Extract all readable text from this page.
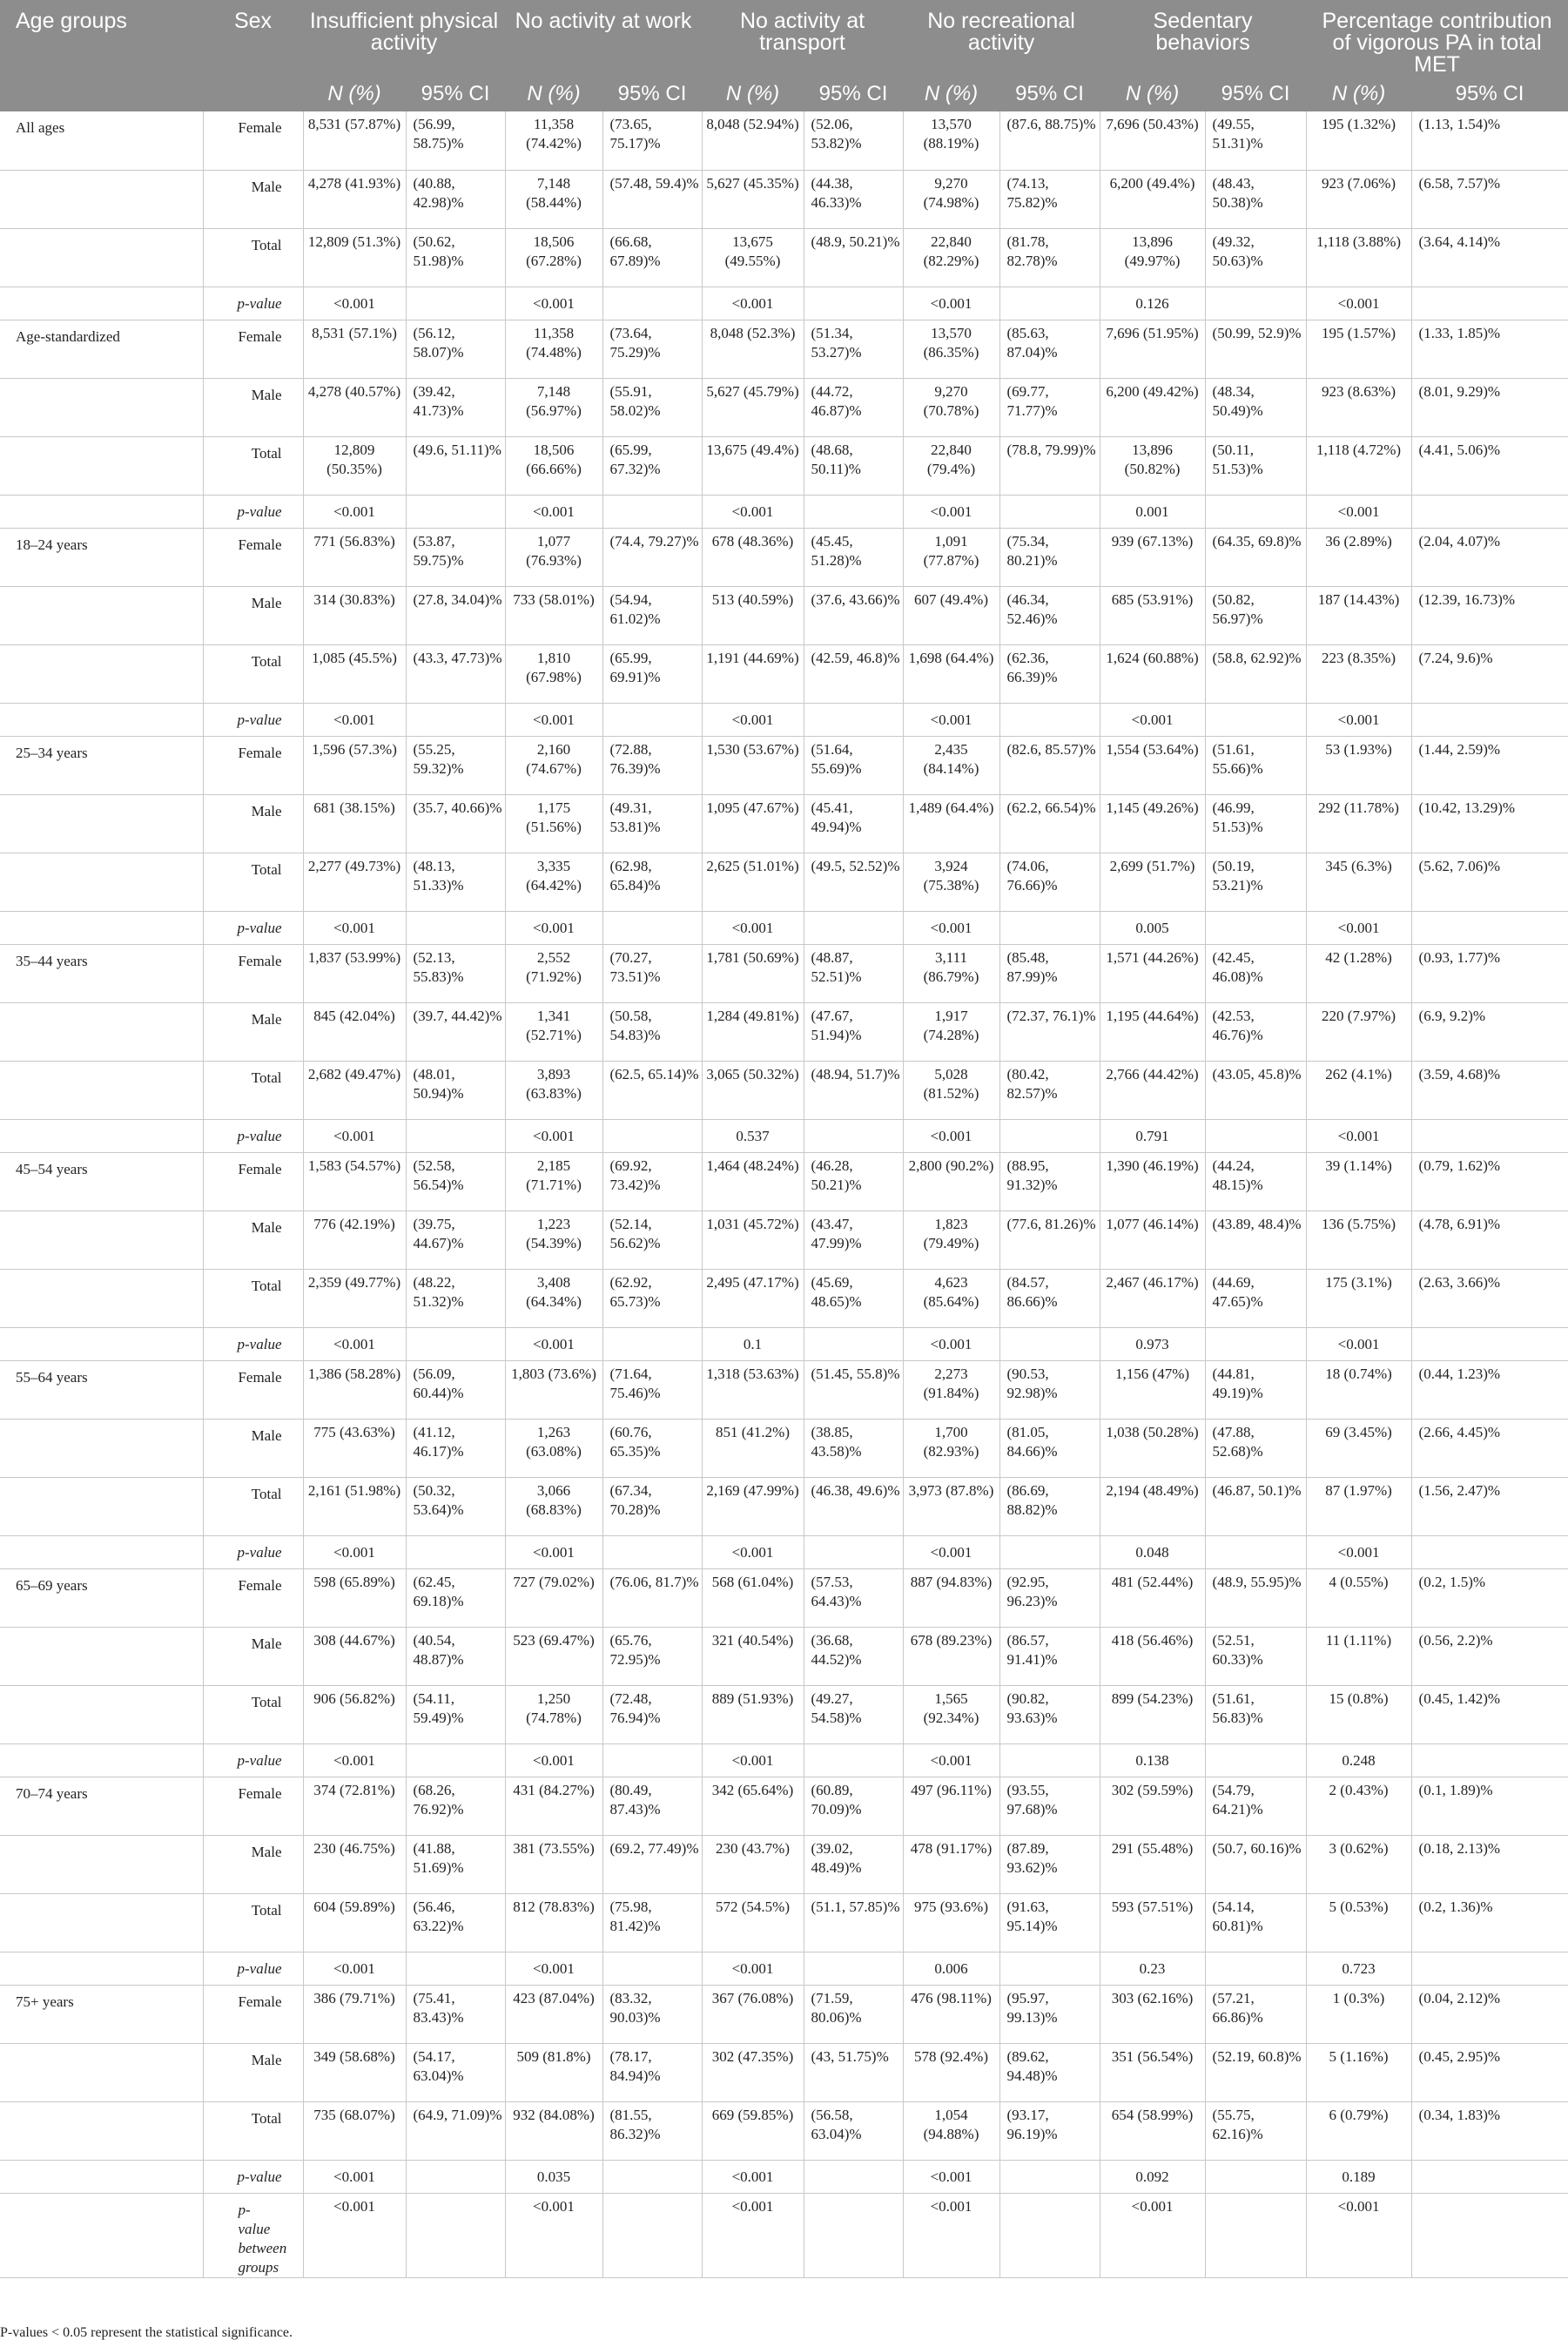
Age groups	Sex	Insufficient physical activity		No activity at work		No activity at transport		No recreational activity		Sedentary behaviors		Percentage contribution of vigorous PA in total MET	
		N (%)	95% CI	N (%)	95% CI	N (%)	95% CI	N (%)	95% CI	N (%)	95% CI	N (%)	95% CI
All ages	Female	8,531 (57.87%)	(56.99, 58.75)%	11,358 (74.42%)	(73.65, 75.17)%	8,048 (52.94%)	(52.06, 53.82)%	13,570 (88.19%)	(87.6, 88.75)%	7,696 (50.43%)	(49.55, 51.31)%	195 (1.32%)	(1.13, 1.54)%
	Male	4,278 (41.93%)	(40.88, 42.98)%	7,148 (58.44%)	(57.48, 59.4)%	5,627 (45.35%)	(44.38, 46.33)%	9,270 (74.98%)	(74.13, 75.82)%	6,200 (49.4%)	(48.43, 50.38)%	923 (7.06%)	(6.58, 7.57)%
	Total	12,809 (51.3%)	(50.62, 51.98)%	18,506 (67.28%)	(66.68, 67.89)%	13,675 (49.55%)	(48.9, 50.21)%	22,840 (82.29%)	(81.78, 82.78)%	13,896 (49.97%)	(49.32, 50.63)%	1,118 (3.88%)	(3.64, 4.14)%
	p-value	<0.001		<0.001		<0.001		<0.001		0.126		<0.001	
Age-standardized	Female	8,531 (57.1%)	(56.12, 58.07)%	11,358 (74.48%)	(73.64, 75.29)%	8,048 (52.3%)	(51.34, 53.27)%	13,570 (86.35%)	(85.63, 87.04)%	7,696 (51.95%)	(50.99, 52.9)%	195 (1.57%)	(1.33, 1.85)%
	Male	4,278 (40.57%)	(39.42, 41.73)%	7,148 (56.97%)	(55.91, 58.02)%	5,627 (45.79%)	(44.72, 46.87)%	9,270 (70.78%)	(69.77, 71.77)%	6,200 (49.42%)	(48.34, 50.49)%	923 (8.63%)	(8.01, 9.29)%
	Total	12,809 (50.35%)	(49.6, 51.11)%	18,506 (66.66%)	(65.99, 67.32)%	13,675 (49.4%)	(48.68, 50.11)%	22,840 (79.4%)	(78.8, 79.99)%	13,896 (50.82%)	(50.11, 51.53)%	1,118 (4.72%)	(4.41, 5.06)%
	p-value	<0.001		<0.001		<0.001		<0.001		0.001		<0.001	
18–24 years	Female	771 (56.83%)	(53.87, 59.75)%	1,077 (76.93%)	(74.4, 79.27)%	678 (48.36%)	(45.45, 51.28)%	1,091 (77.87%)	(75.34, 80.21)%	939 (67.13%)	(64.35, 69.8)%	36 (2.89%)	(2.04, 4.07)%
	Male	314 (30.83%)	(27.8, 34.04)%	733 (58.01%)	(54.94, 61.02)%	513 (40.59%)	(37.6, 43.66)%	607 (49.4%)	(46.34, 52.46)%	685 (53.91%)	(50.82, 56.97)%	187 (14.43%)	(12.39, 16.73)%
	Total	1,085 (45.5%)	(43.3, 47.73)%	1,810 (67.98%)	(65.99, 69.91)%	1,191 (44.69%)	(42.59, 46.8)%	1,698 (64.4%)	(62.36, 66.39)%	1,624 (60.88%)	(58.8, 62.92)%	223 (8.35%)	(7.24, 9.6)%
	p-value	<0.001		<0.001		<0.001		<0.001		<0.001		<0.001	
25–34 years	Female	1,596 (57.3%)	(55.25, 59.32)%	2,160 (74.67%)	(72.88, 76.39)%	1,530 (53.67%)	(51.64, 55.69)%	2,435 (84.14%)	(82.6, 85.57)%	1,554 (53.64%)	(51.61, 55.66)%	53 (1.93%)	(1.44, 2.59)%
	Male	681 (38.15%)	(35.7, 40.66)%	1,175 (51.56%)	(49.31, 53.81)%	1,095 (47.67%)	(45.41, 49.94)%	1,489 (64.4%)	(62.2, 66.54)%	1,145 (49.26%)	(46.99, 51.53)%	292 (11.78%)	(10.42, 13.29)%
	Total	2,277 (49.73%)	(48.13, 51.33)%	3,335 (64.42%)	(62.98, 65.84)%	2,625 (51.01%)	(49.5, 52.52)%	3,924 (75.38%)	(74.06, 76.66)%	2,699 (51.7%)	(50.19, 53.21)%	345 (6.3%)	(5.62, 7.06)%
	p-value	<0.001		<0.001		<0.001		<0.001		0.005		<0.001	
35–44 years	Female	1,837 (53.99%)	(52.13, 55.83)%	2,552 (71.92%)	(70.27, 73.51)%	1,781 (50.69%)	(48.87, 52.51)%	3,111 (86.79%)	(85.48, 87.99)%	1,571 (44.26%)	(42.45, 46.08)%	42 (1.28%)	(0.93, 1.77)%
	Male	845 (42.04%)	(39.7, 44.42)%	1,341 (52.71%)	(50.58, 54.83)%	1,284 (49.81%)	(47.67, 51.94)%	1,917 (74.28%)	(72.37, 76.1)%	1,195 (44.64%)	(42.53, 46.76)%	220 (7.97%)	(6.9, 9.2)%
	Total	2,682 (49.47%)	(48.01, 50.94)%	3,893 (63.83%)	(62.5, 65.14)%	3,065 (50.32%)	(48.94, 51.7)%	5,028 (81.52%)	(80.42, 82.57)%	2,766 (44.42%)	(43.05, 45.8)%	262 (4.1%)	(3.59, 4.68)%
	p-value	<0.001		<0.001		0.537		<0.001		0.791		<0.001	
45–54 years	Female	1,583 (54.57%)	(52.58, 56.54)%	2,185 (71.71%)	(69.92, 73.42)%	1,464 (48.24%)	(46.28, 50.21)%	2,800 (90.2%)	(88.95, 91.32)%	1,390 (46.19%)	(44.24, 48.15)%	39 (1.14%)	(0.79, 1.62)%
	Male	776 (42.19%)	(39.75, 44.67)%	1,223 (54.39%)	(52.14, 56.62)%	1,031 (45.72%)	(43.47, 47.99)%	1,823 (79.49%)	(77.6, 81.26)%	1,077 (46.14%)	(43.89, 48.4)%	136 (5.75%)	(4.78, 6.91)%
	Total	2,359 (49.77%)	(48.22, 51.32)%	3,408 (64.34%)	(62.92, 65.73)%	2,495 (47.17%)	(45.69, 48.65)%	4,623 (85.64%)	(84.57, 86.66)%	2,467 (46.17%)	(44.69, 47.65)%	175 (3.1%)	(2.63, 3.66)%
	p-value	<0.001		<0.001		0.1		<0.001		0.973		<0.001	
55–64 years	Female	1,386 (58.28%)	(56.09, 60.44)%	1,803 (73.6%)	(71.64, 75.46)%	1,318 (53.63%)	(51.45, 55.8)%	2,273 (91.84%)	(90.53, 92.98)%	1,156 (47%)	(44.81, 49.19)%	18 (0.74%)	(0.44, 1.23)%
	Male	775 (43.63%)	(41.12, 46.17)%	1,263 (63.08%)	(60.76, 65.35)%	851 (41.2%)	(38.85, 43.58)%	1,700 (82.93%)	(81.05, 84.66)%	1,038 (50.28%)	(47.88, 52.68)%	69 (3.45%)	(2.66, 4.45)%
	Total	2,161 (51.98%)	(50.32, 53.64)%	3,066 (68.83%)	(67.34, 70.28)%	2,169 (47.99%)	(46.38, 49.6)%	3,973 (87.8%)	(86.69, 88.82)%	2,194 (48.49%)	(46.87, 50.1)%	87 (1.97%)	(1.56, 2.47)%
	p-value	<0.001		<0.001		<0.001		<0.001		0.048		<0.001	
65–69 years	Female	598 (65.89%)	(62.45, 69.18)%	727 (79.02%)	(76.06, 81.7)%	568 (61.04%)	(57.53, 64.43)%	887 (94.83%)	(92.95, 96.23)%	481 (52.44%)	(48.9, 55.95)%	4 (0.55%)	(0.2, 1.5)%
	Male	308 (44.67%)	(40.54, 48.87)%	523 (69.47%)	(65.76, 72.95)%	321 (40.54%)	(36.68, 44.52)%	678 (89.23%)	(86.57, 91.41)%	418 (56.46%)	(52.51, 60.33)%	11 (1.11%)	(0.56, 2.2)%
	Total	906 (56.82%)	(54.11, 59.49)%	1,250 (74.78%)	(72.48, 76.94)%	889 (51.93%)	(49.27, 54.58)%	1,565 (92.34%)	(90.82, 93.63)%	899 (54.23%)	(51.61, 56.83)%	15 (0.8%)	(0.45, 1.42)%
	p-value	<0.001		<0.001		<0.001		<0.001		0.138		0.248	
70–74 years	Female	374 (72.81%)	(68.26, 76.92)%	431 (84.27%)	(80.49, 87.43)%	342 (65.64%)	(60.89, 70.09)%	497 (96.11%)	(93.55, 97.68)%	302 (59.59%)	(54.79, 64.21)%	2 (0.43%)	(0.1, 1.89)%
	Male	230 (46.75%)	(41.88, 51.69)%	381 (73.55%)	(69.2, 77.49)%	230 (43.7%)	(39.02, 48.49)%	478 (91.17%)	(87.89, 93.62)%	291 (55.48%)	(50.7, 60.16)%	3 (0.62%)	(0.18, 2.13)%
	Total	604 (59.89%)	(56.46, 63.22)%	812 (78.83%)	(75.98, 81.42)%	572 (54.5%)	(51.1, 57.85)%	975 (93.6%)	(91.63, 95.14)%	593 (57.51%)	(54.14, 60.81)%	5 (0.53%)	(0.2, 1.36)%
	p-value	<0.001		<0.001		<0.001		0.006		0.23		0.723	
75+ years	Female	386 (79.71%)	(75.41, 83.43)%	423 (87.04%)	(83.32, 90.03)%	367 (76.08%)	(71.59, 80.06)%	476 (98.11%)	(95.97, 99.13)%	303 (62.16%)	(57.21, 66.86)%	1 (0.3%)	(0.04, 2.12)%
	Male	349 (58.68%)	(54.17, 63.04)%	509 (81.8%)	(78.17, 84.94)%	302 (47.35%)	(43, 51.75)%	578 (92.4%)	(89.62, 94.48)%	351 (56.54%)	(52.19, 60.8)%	5 (1.16%)	(0.45, 2.95)%
	Total	735 (68.07%)	(64.9, 71.09)%	932 (84.08%)	(81.55, 86.32)%	669 (59.85%)	(56.58, 63.04)%	1,054 (94.88%)	(93.17, 96.19)%	654 (58.99%)	(55.75, 62.16)%	6 (0.79%)	(0.34, 1.83)%
	p-value	<0.001		0.035		<0.001		<0.001		0.092		0.189	
	p-value between groups	<0.001		<0.001		<0.001		<0.001		<0.001		<0.001	
P-values < 0.05 represent the statistical significance.
